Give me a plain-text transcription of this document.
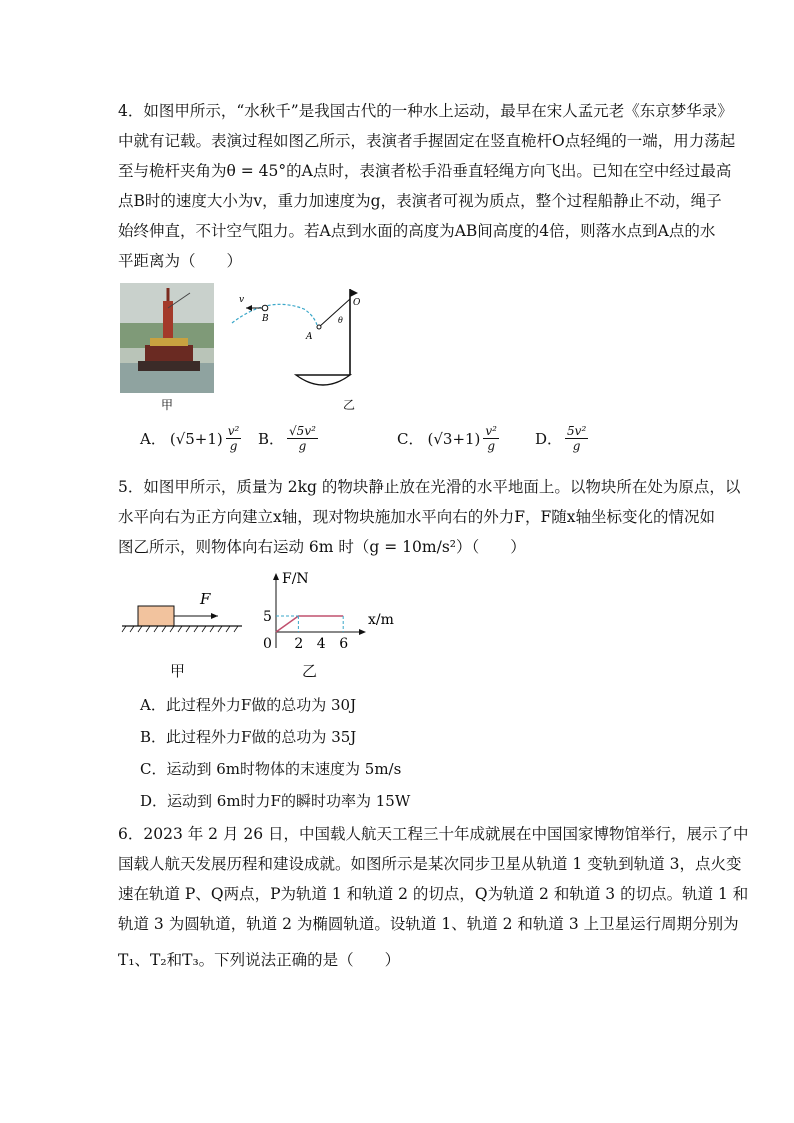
4．如图甲所示，“水秋千”是我国古代的一种水上运动，最早在宋人孟元老《东京梦华录》
中就有记载。表演过程如图乙所示，表演者手握固定在竖直桅杆O点轻绳的一端，用力荡起
至与桅杆夹角为θ = 45°的A点时，表演者松手沿垂直轻绳方向飞出。已知在空中经过最高
点B时的速度大小为v，重力加速度为g，表演者可视为质点，整个过程船静止不动，绳子
始终伸直，不计空气阻力。若A点到水面的高度为AB间高度的4倍，则落水点到A点的水
平距离为（　　）
甲
v
B
A
O
θ
乙
A． $(√5+1) \frac{\text{v²}}{g}$ B． $\frac{\text{√5v²}}{g}$	C． $(√3+1) \frac{\text{v²}}{g}$ D． $\frac{\text{5v²}}{g}$
5．如图甲所示，质量为 2kg 的物块静止放在光滑的水平地面上。以物块所在处为原点，以
水平向右为正方向建立x轴，现对物块施加水平向右的外力F，F随x轴坐标变化的情况如
图乙所示，则物体向右运动 6m 时（g = 10m/s²）（　　）
F
甲
F/N
x/m
5
0 2 4 6
乙
A．此过程外力F做的总功为 30J
B．此过程外力F做的总功为 35J
C．运动到 6m时物体的末速度为 5m/s
D．运动到 6m时力F的瞬时功率为 15W
6．2023 年 2 月 26 日，中国载人航天工程三十年成就展在中国国家博物馆举行，展示了中
国载人航天发展历程和建设成就。如图所示是某次同步卫星从轨道 1 变轨到轨道 3，点火变
速在轨道 P、Q两点，P为轨道 1 和轨道 2 的切点，Q为轨道 2 和轨道 3 的切点。轨道 1 和
轨道 3 为圆轨道，轨道 2 为椭圆轨道。设轨道 1、轨道 2 和轨道 3 上卫星运行周期分别为
T₁、T₂和T₃。下列说法正确的是（　　）
